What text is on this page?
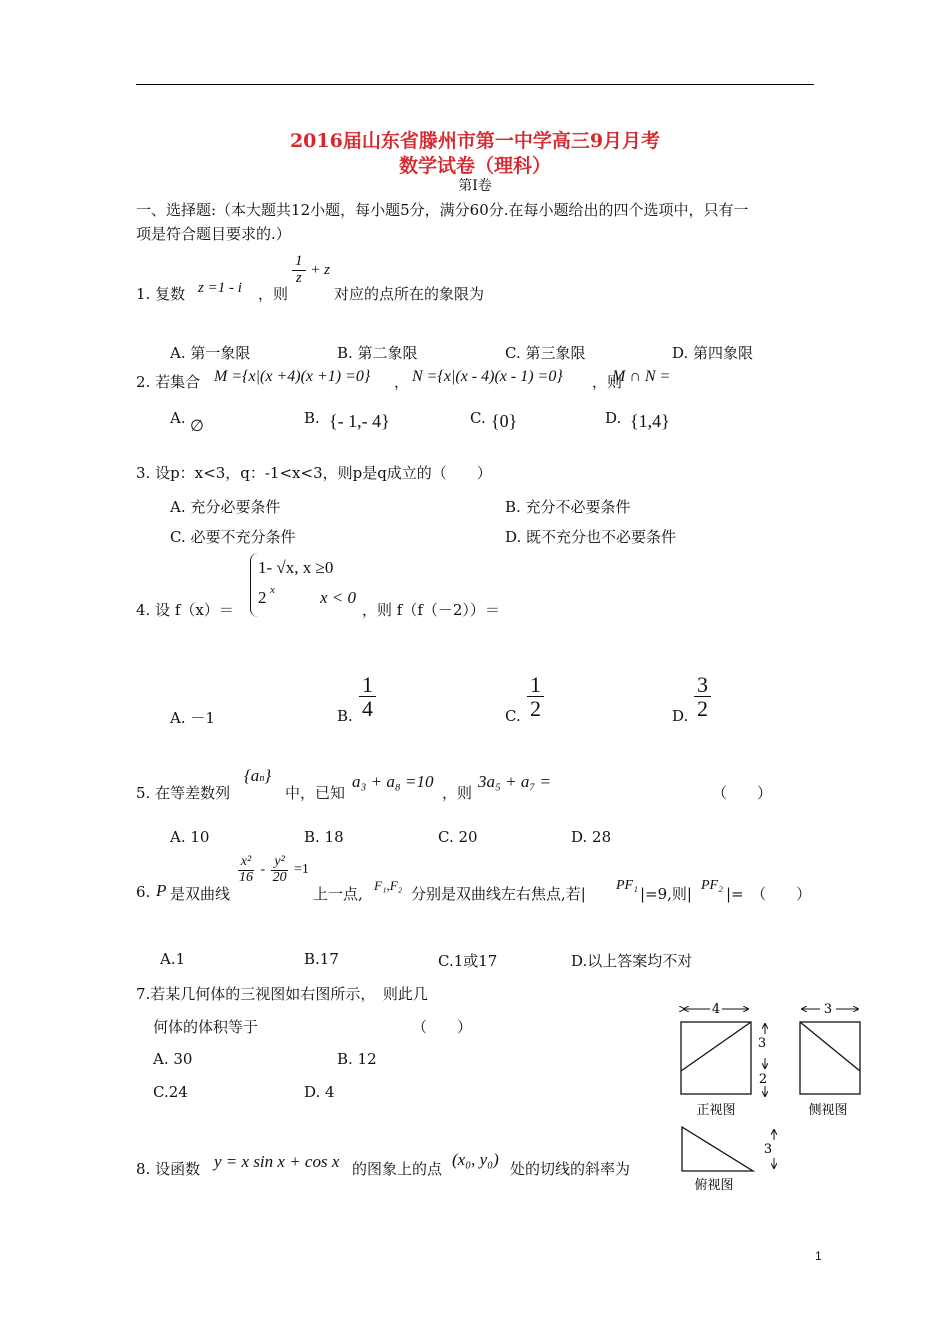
2016届山东省滕州市第一中学高三9月月考
数学试卷（理科）
第Ⅰ卷
一、选择题:（本大题共12小题，每小题5分，满分60分.在每小题给出的四个选项中，只有一
项是符合题目要求的.）
1. 复数 z =1 - i ，则
$\frac{1}{z} + z$
对应的点所在的象限为
A. 第一象限	B. 第二象限	C. 第三象限	D. 第四象限
2. 若集合 M ={x|(x +4)(x +1) =0} ， N ={x|(x - 4)(x - 1) =0} ，则
M ∩ N =
A. ∅	B. {- 1,- 4}	C. {0}	D. {1,4}
3. 设p：x<3，q：-1<x<3，则p是q成立的（　　）
A. 充分必要条件	B. 充分不必要条件
C. 必要不充分条件	D. 既不充分也不必要条件
4. 设 f（x）＝
1- √x, x ≥0
2 x	x < 0
，则 f（f（－2））＝
A. －1	B. $\frac{1}{4}$	C. $\frac{1}{2}$	D. $\frac{3}{2}$
5. 在等差数列
{an}
中，已知
a₃ + a₈ =10
，则
3a₅ + a₇ =
（　　）
A. 10	B. 18	C. 20	D. 28
6. P 是双曲线
$\frac{\text{x²}}{16} - \frac{\text{y²}}{20} =1$
上一点, F₁,F₂ 分别是双曲线左右焦点,若| PF₁ |=9,则| PF₂ |=　（　　）
A.1	B.17	C.1或17	D.以上答案均不对
7.若某几何体的三视图如右图所示，　则此几
何体的体积等于	（　　）
A. 30	B. 12
C.24	D. 4
4
3
2
正视图
3
侧视图
3
俯视图
8. 设函数 y = x sin x + cos x 的图象上的点 (x₀, y₀) 处的切线的斜率为
1
